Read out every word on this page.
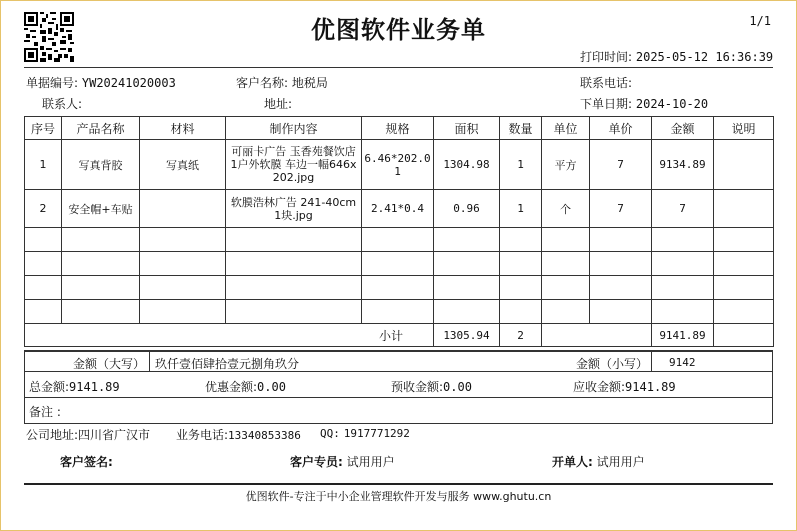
优图软件业务单	1/1
打印时间: 2025-05-12 16:36:39
单据编号: YW20241020003	客户名称: 地税局	联系电话:
联系人:	地址:	下单日期: 2024-10-20
序号	产品名称	材料	制作内容	规格	面积	数量	单位	单价	金额	说明
1	写真背胶	写真纸	可丽卡广告 玉香苑餐饮店1户外软膜 车边一幅646x202.jpg	6.46*202.01	1304.98	1	平方	7	9134.89	
2	安全帽+车贴		软膜浩林广告 241-40cm 1块.jpg	2.41*0.4	0.96	1	个	7	7	

小计					1305.94	2			9141.89	
金额（大写） 玖仟壹佰肆拾壹元捌角玖分	金额（小写） 9142
总金额:9141.89	优惠金额:0.00	预收金额:0.00	应收金额:9141.89
备注 :
公司地址:四川省广汉市 业务电话:13340853386 QQ: 1917771292
客户签名:	客户专员: 试用用户	开单人: 试用用户
优图软件-专注于中小企业管理软件开发与服务 www.ghutu.cn
